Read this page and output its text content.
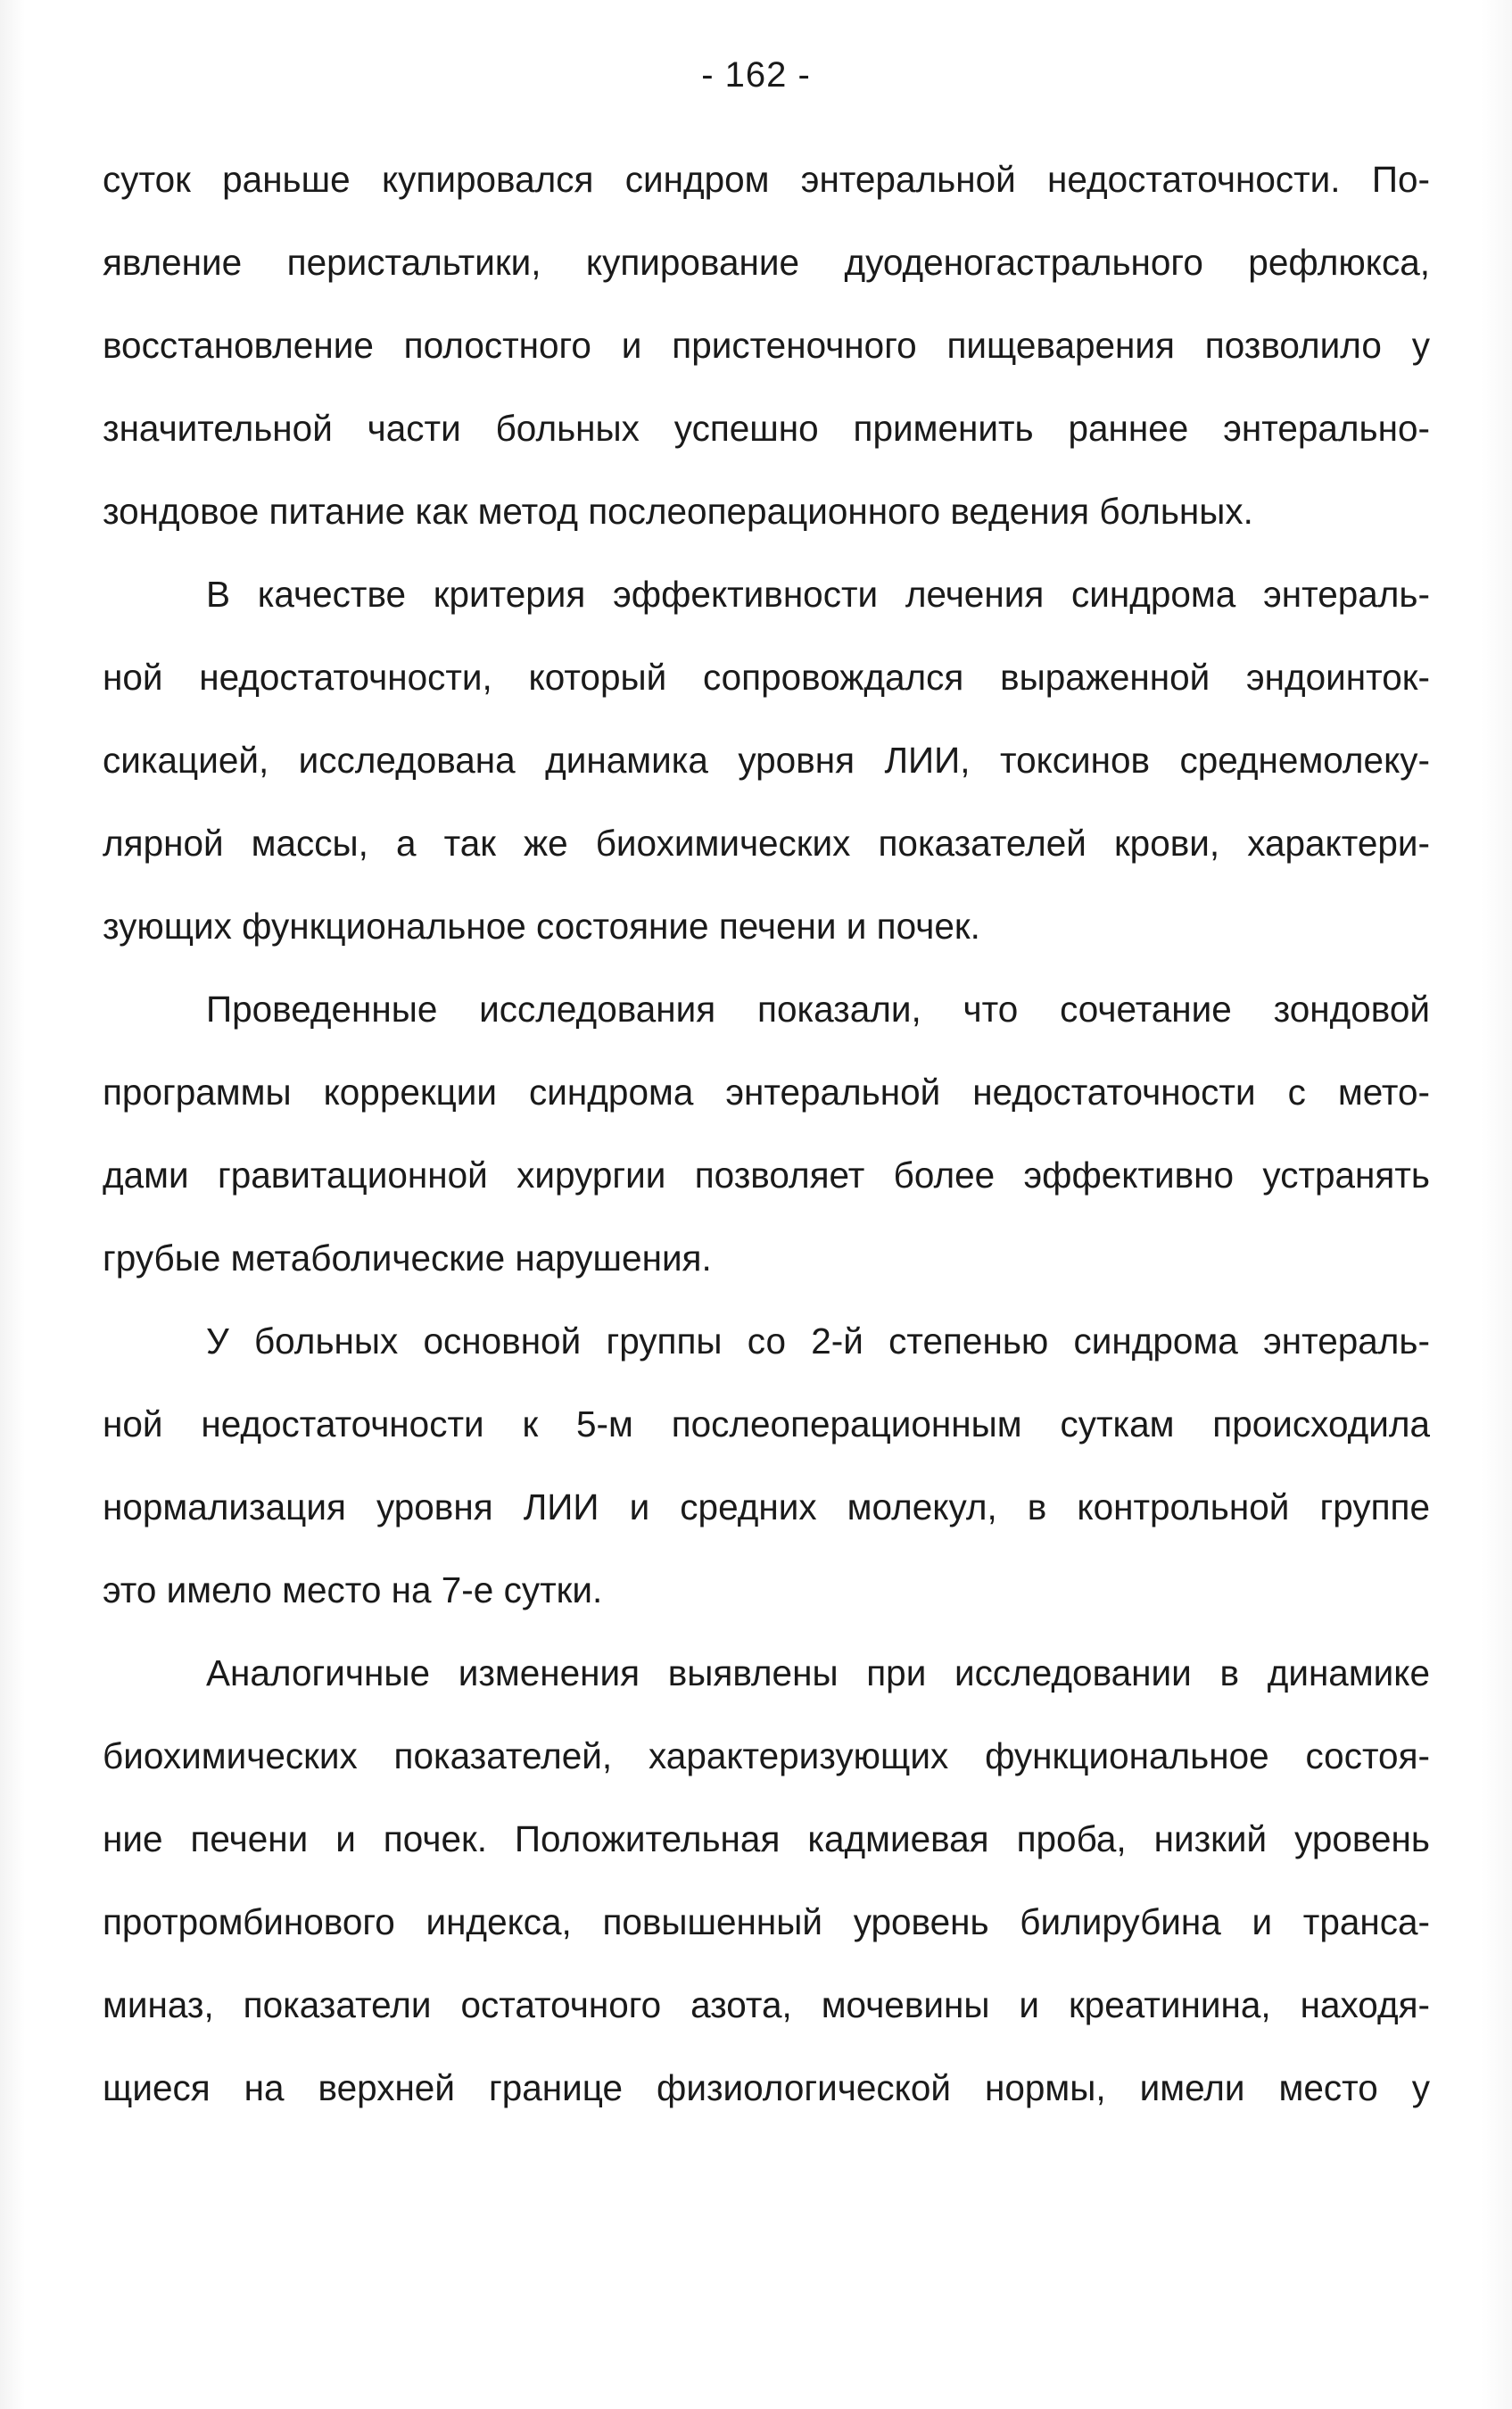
- 162 -
суток раньше купировался синдром энтеральной недостаточности. По-
явление перистальтики, купирование дуоденогастрального рефлюкса,
восстановление полостного и пристеночного пищеварения позволило у
значительной части больных успешно применить раннее энтерально-
зондовое питание как метод послеоперационного ведения больных.
В качестве критерия эффективности лечения синдрома энтераль-
ной недостаточности, который сопровождался выраженной эндоинток-
сикацией, исследована динамика уровня ЛИИ, токсинов среднемолеку-
лярной массы, а так же биохимических показателей крови, характери-
зующих функциональное состояние печени и почек.
Проведенные исследования показали, что сочетание зондовой
программы коррекции синдрома энтеральной недостаточности с мето-
дами гравитационной хирургии позволяет более эффективно устранять
грубые метаболические нарушения.
У больных основной группы со 2-й степенью синдрома энтераль-
ной недостаточности к 5-м послеоперационным суткам происходила
нормализация уровня ЛИИ и средних молекул, в контрольной группе
это имело место на 7-е сутки.
Аналогичные изменения выявлены при исследовании в динамике
биохимических показателей, характеризующих функциональное состоя-
ние печени и почек. Положительная кадмиевая проба, низкий уровень
протромбинового индекса, повышенный уровень билирубина и транса-
миназ, показатели остаточного азота, мочевины и креатинина, находя-
щиеся на верхней границе физиологической нормы, имели место у
